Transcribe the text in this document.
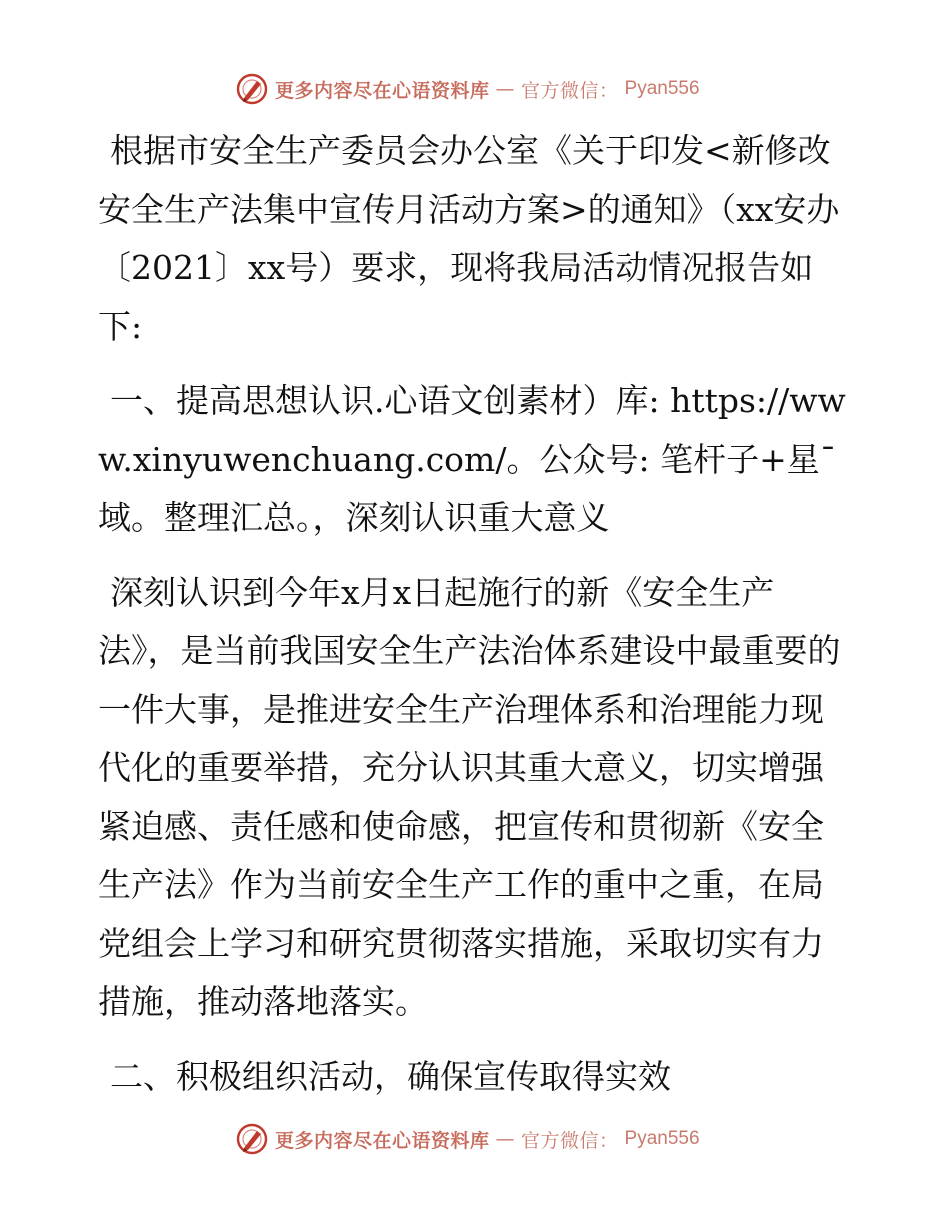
更多内容尽在心语资料库 — 官方微信： Pyan556

根据市安全生产委员会办公室《关于印发<新修改安全生产法集中宣传月活动方案>的通知》（xx安办〔2021〕xx号）要求，现将我局活动情况报告如下:

一、提高思想认识.心语文创素材）库: https://www.xinyuwenchuang.com/。公众号: 笔杆子+星¯域。整理汇总。，深刻认识重大意义

深刻认识到今年x月x日起施行的新《安全生产法》，是当前我国安全生产法治体系建设中最重要的一件大事，是推进安全生产治理体系和治理能力现代化的重要举措，充分认识其重大意义，切实增强紧迫感、责任感和使命感，把宣传和贯彻新《安全生产法》作为当前安全生产工作的重中之重，在局党组会上学习和研究贯彻落实措施，采取切实有力措施，推动落地落实。

二、积极组织活动，确保宣传取得实效

更多内容尽在心语资料库 — 官方微信： Pyan556
